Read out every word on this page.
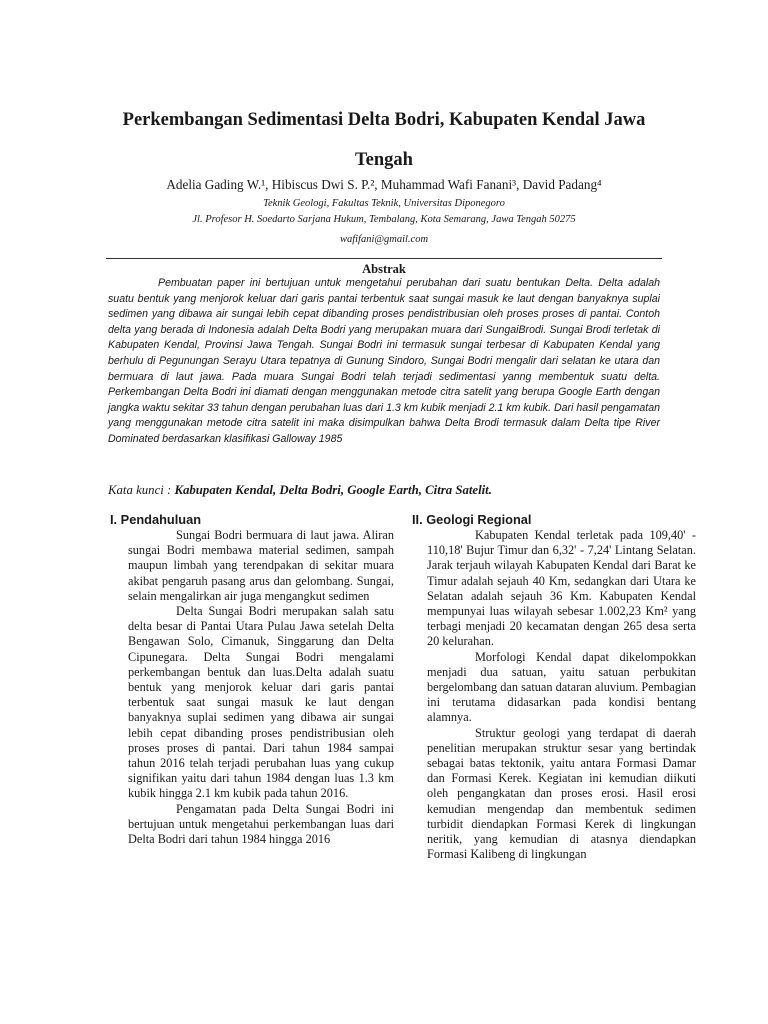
Perkembangan Sedimentasi Delta Bodri, Kabupaten Kendal Jawa Tengah
Adelia Gading W.¹, Hibiscus Dwi S. P.², Muhammad Wafi Fanani³, David Padang⁴
Teknik Geologi, Fakultas Teknik, Universitas Diponegoro
Jl. Profesor H. Soedarto Sarjana Hukum, Tembalang, Kota Semarang, Jawa Tengah 50275
wafifani@gmail.com
Abstrak

Pembuatan paper ini bertujuan untuk mengetahui perubahan dari suatu bentukan Delta. Delta adalah suatu bentuk yang menjorok keluar dari garis pantai terbentuk saat sungai masuk ke laut dengan banyaknya suplai sedimen yang dibawa air sungai lebih cepat dibanding proses pendistribusian oleh proses proses di pantai. Contoh delta yang berada di Indonesia adalah Delta Bodri yang merupakan muara dari SungaiBrodi. Sungai Brodi terletak di Kabupaten Kendal, Provinsi Jawa Tengah. Sungai Bodri ini termasuk sungai terbesar di Kabupaten Kendal yang berhulu di Pegunungan Serayu Utara tepatnya di Gunung Sindoro, Sungai Bodri mengalir dari selatan ke utara dan bermuara di laut jawa. Pada muara Sungai Bodri telah terjadi sedimentasi yanng membentuk suatu delta. Perkembangan Delta Bodri ini diamati dengan menggunakan metode citra satelit yang berupa Google Earth dengan jangka waktu sekitar 33 tahun dengan perubahan luas dari 1.3 km kubik menjadi 2.1 km kubik. Dari hasil pengamatan yang menggunakan metode citra satelit ini maka disimpulkan bahwa Delta Brodi termasuk dalam Delta tipe River Dominated berdasarkan klasifikasi Galloway 1985

Kata kunci : Kabupaten Kendal, Delta Bodri, Google Earth, Citra Satelit.
I. Pendahuluan

Sungai Bodri bermuara di laut jawa. Aliran sungai Bodri membawa material sedimen, sampah maupun limbah yang terendpakan di sekitar muara akibat pengaruh pasang arus dan gelombang. Sungai, selain mengalirkan air juga mengangkut sedimen

Delta Sungai Bodri merupakan salah satu delta besar di Pantai Utara Pulau Jawa setelah Delta Bengawan Solo, Cimanuk, Singgarung dan Delta Cipunegara. Delta Sungai Bodri mengalami perkembangan bentuk dan luas.Delta adalah suatu bentuk yang menjorok keluar dari garis pantai terbentuk saat sungai masuk ke laut dengan banyaknya suplai sedimen yang dibawa air sungai lebih cepat dibanding proses pendistribusian oleh proses proses di pantai. Dari tahun 1984 sampai tahun 2016 telah terjadi perubahan luas yang cukup signifikan yaitu dari tahun 1984 dengan luas 1.3 km kubik hingga 2.1 km kubik pada tahun 2016.

Pengamatan pada Delta Sungai Bodri ini bertujuan untuk mengetahui perkembangan luas dari Delta Bodri dari tahun 1984 hingga 2016

II. Geologi Regional

Kabupaten Kendal terletak pada 109,40' - 110,18' Bujur Timur dan 6,32' - 7,24' Lintang Selatan. Jarak terjauh wilayah Kabupaten Kendal dari Barat ke Timur adalah sejauh 40 Km, sedangkan dari Utara ke Selatan adalah sejauh 36 Km. Kabupaten Kendal mempunyai luas wilayah sebesar 1.002,23 Km² yang terbagi menjadi 20 kecamatan dengan 265 desa serta 20 kelurahan.

Morfologi Kendal dapat dikelompokkan menjadi dua satuan, yaitu satuan perbukitan bergelombang dan satuan dataran aluvium. Pembagian ini terutama didasarkan pada kondisi bentang alamnya.

Struktur geologi yang terdapat di daerah penelitian merupakan struktur sesar yang bertindak sebagai batas tektonik, yaitu antara Formasi Damar dan Formasi Kerek. Kegiatan ini kemudian diikuti oleh pengangkatan dan proses erosi. Hasil erosi kemudian mengendap dan membentuk sedimen turbidit diendapkan Formasi Kerek di lingkungan neritik, yang kemudian di atasnya diendapkan Formasi Kalibeng di lingkungan
